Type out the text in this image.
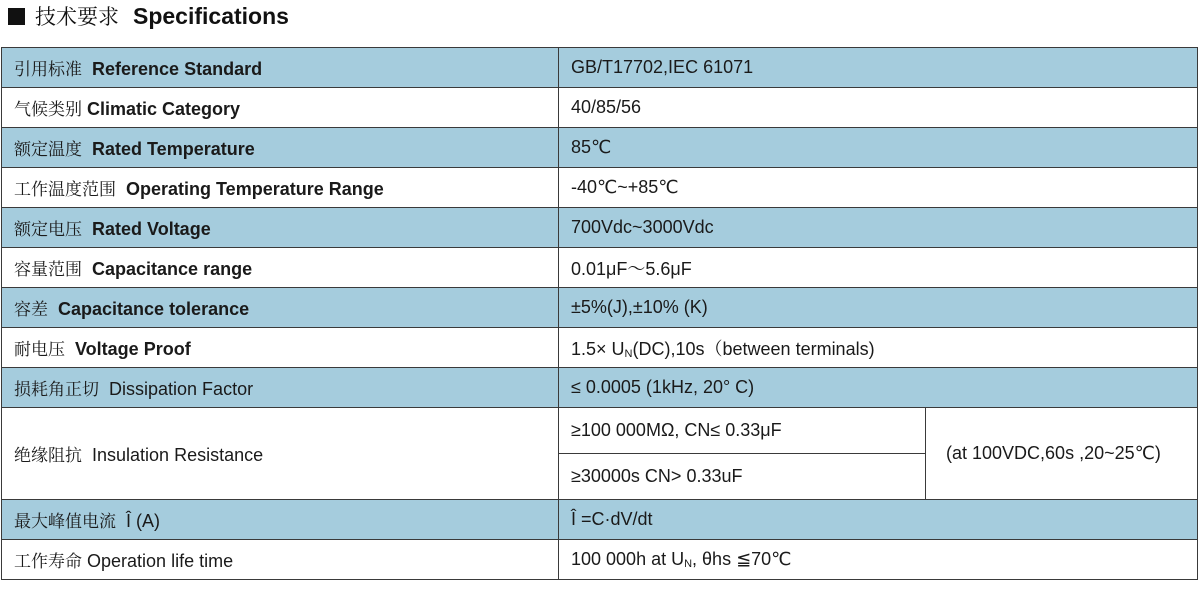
技术要求 Specifications
引用标准 Reference Standard	GB/T17702,IEC 61071	
气候类别 Climatic Category	40/85/56	
额定温度 Rated Temperature	85℃	
工作温度范围 Operating Temperature Range	-40℃~+85℃	
额定电压 Rated Voltage	700Vdc~3000Vdc	
容量范围 Capacitance range	0.01μF～5.6μF	
容差 Capacitance tolerance	±5%(J),±10% (K)	
耐电压 Voltage Proof	1.5× UN(DC),10s（between terminals)	
损耗角正切 Dissipation Factor	≤ 0.0005 (1kHz, 20° C)	
绝缘阻抗 Insulation Resistance	≥100 000MΩ, CN≤ 0.33μF	(at 100VDC,60s ,20~25℃)
	≥30000s CN> 0.33uF	
最大峰值电流 Î (A)	Î =C·dV/dt	
工作寿命 Operation life time	100 000h at UN, θhs ≦70℃	
